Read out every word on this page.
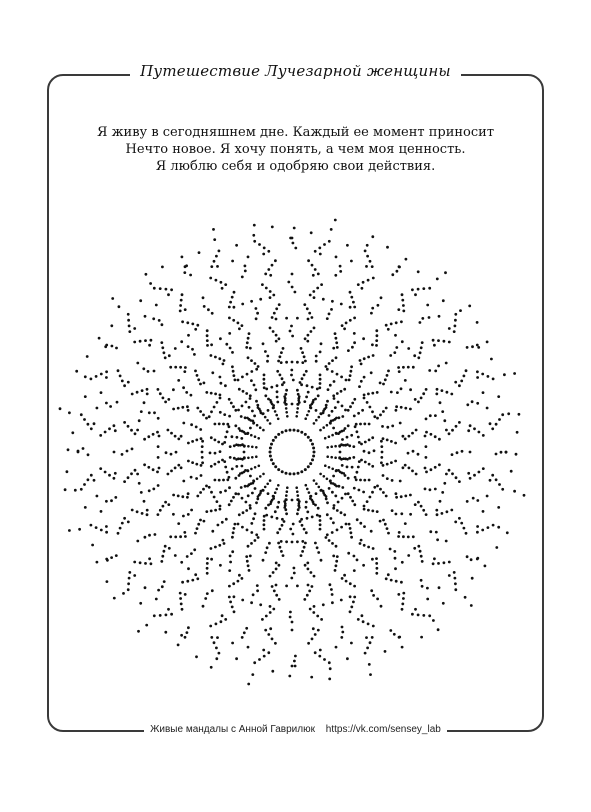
Путешествие Лучезарной женщины
Я живу в сегодняшнем дне. Каждый ее момент приносит
Нечто новое. Я хочу понять, а чем моя ценность.
Я люблю себя и одобряю свои действия.
Живые мандалы с Анной Гаврилюк https://vk.com/sensey_lab
